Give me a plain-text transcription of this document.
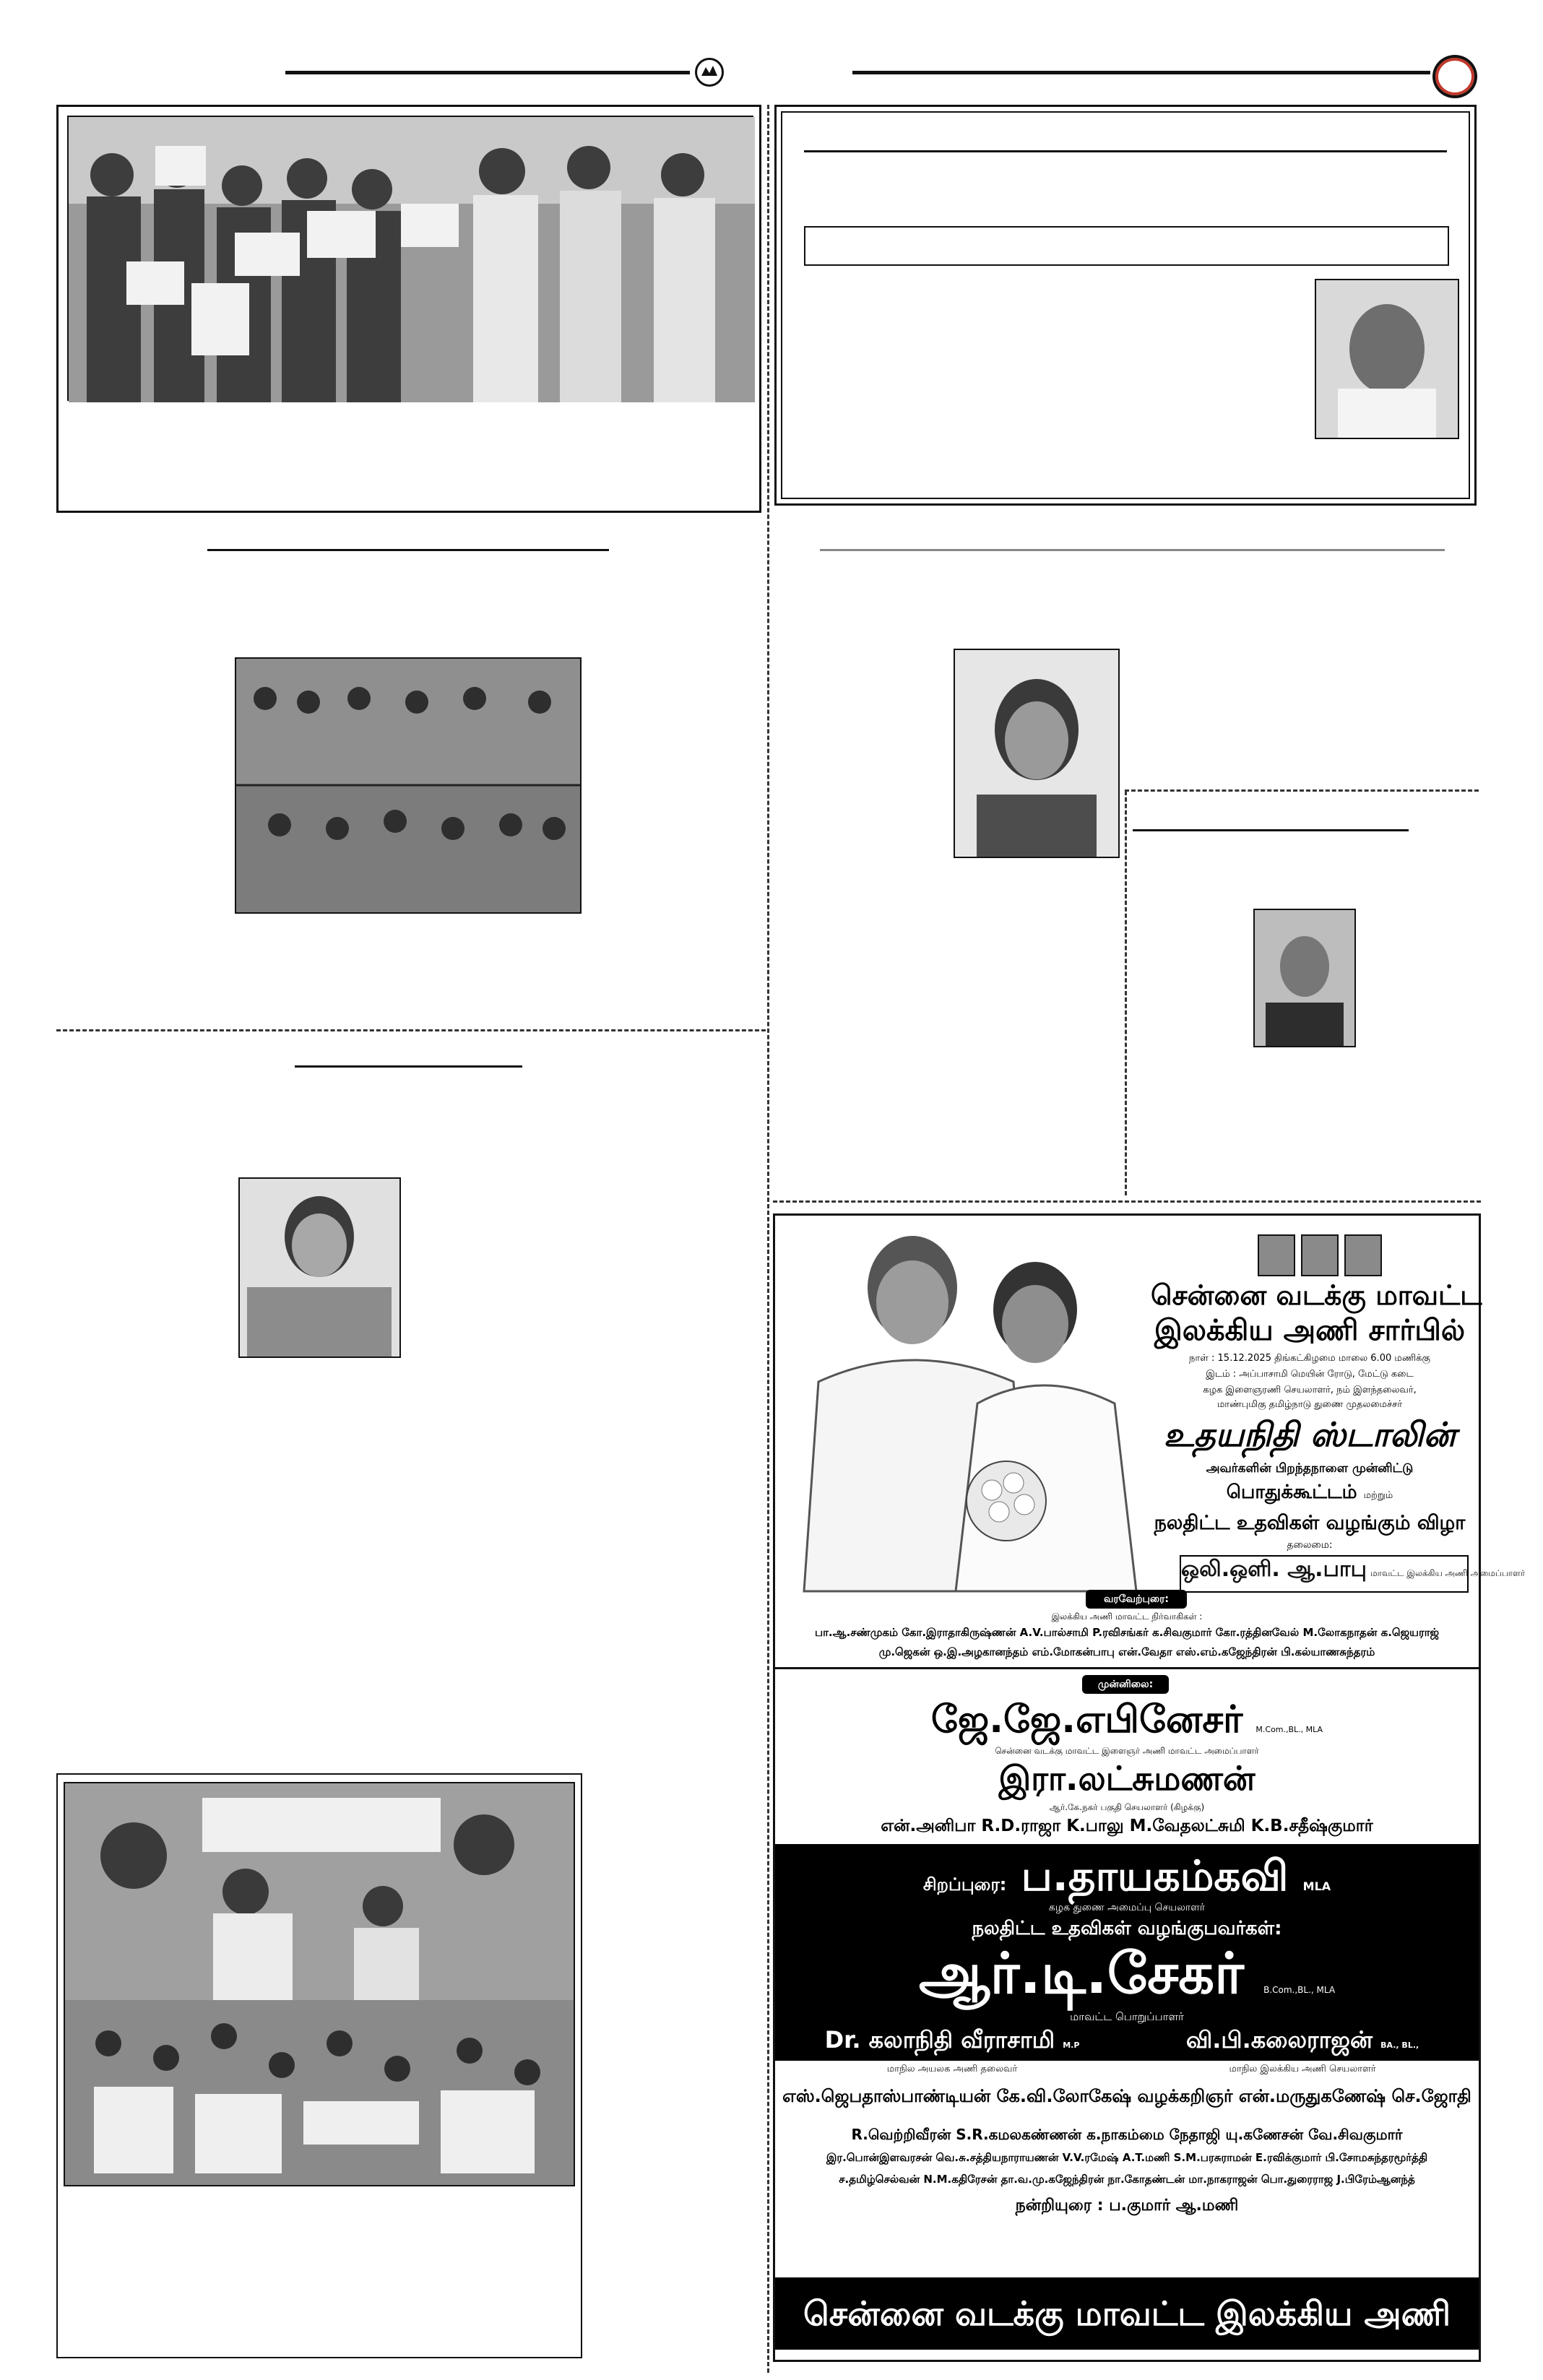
சென்னை வடக்கு மாவட்ட
இலக்கிய அணி சார்பில்
நாள் : 15.12.2025 திங்கட்கிழமை மாலை 6.00 மணிக்கு
இடம் : அப்பாசாமி மெயின் ரோடு, மேட்டு கடை
கழக இளைஞரணி செயலாளர், நம் இளந்தலைவர்,
மாண்புமிகு தமிழ்நாடு துணை முதலமைச்சர்
உதயநிதி ஸ்டாலின்
அவர்களின் பிறந்தநாளை முன்னிட்டு
பொதுக்கூட்டம் மற்றும்
நலதிட்ட உதவிகள் வழங்கும் விழா
தலைமை:
ஒலி.ஒளி. ஆ.பாபு மாவட்ட இலக்கிய அணி அமைப்பாளர்
வரவேற்புரை:
இலக்கிய அணி மாவட்ட நிர்வாகிகள் :
பா.ஆ.சண்முகம் கோ.இராதாகிருஷ்ணன் A.V.பால்சாமி P.ரவிசங்கர் க.சிவகுமார் கோ.ரத்தினவேல் M.லோகநாதன் க.ஜெயராஜ்
மு.ஜெகன் ஒ.இ.அழகானந்தம் எம்.மோகன்பாபு என்.வேதா எஸ்.எம்.கஜேந்திரன் பி.கல்யாணசுந்தரம்
முன்னிலை:
ஜே.ஜே.எபினேசர் M.Com.,BL., MLA
சென்னை வடக்கு மாவட்ட இளைஞர் அணி மாவட்ட அமைப்பாளர்
இரா.லட்சுமணன்
ஆர்.கே.நகர் பகுதி செயலாளர் (கிழக்கு)
என்.அனிபா R.D.ராஜா K.பாலு M.வேதலட்சுமி K.B.சதீஷ்குமார்
சிறப்புரை: ப.தாயகம்கவி MLA
கழக துணை அமைப்பு செயலாளர்
நலதிட்ட உதவிகள் வழங்குபவர்கள்:
ஆர்.டி.சேகர் B.Com.,BL., MLA
மாவட்ட பொறுப்பாளர்
Dr. கலாநிதி வீராசாமி M.P	வி.பி.கலைராஜன் BA., BL.,
மாநில அயலக அணி தலைவர்	மாநில இலக்கிய அணி செயலாளர்
எஸ்.ஜெபதாஸ்பாண்டியன் கே.வி.லோகேஷ் வழக்கறிஞர் என்.மருதுகணேஷ் செ.ஜோதி
R.வெற்றிவீரன் S.R.கமலகண்ணன் க.நாகம்மை நேதாஜி யு.கணேசன் வே.சிவகுமார்
இர.பொன்இளவரசன் வெ.சு.சத்தியநாராயணன் V.V.ரமேஷ் A.T.மணி S.M.பரசுராமன் E.ரவிக்குமார் பி.சோமசுந்தரமூர்த்தி
ச.தமிழ்செல்வன் N.M.கதிரேசன் தா.வ.மு.கஜேந்திரன் நா.கோதண்டன் மா.நாகராஜன் பொ.துரைராஜ J.பிரேம்ஆனந்த்
நன்றியுரை : ப.குமார் ஆ.மணி
சென்னை வடக்கு மாவட்ட இலக்கிய அணி
